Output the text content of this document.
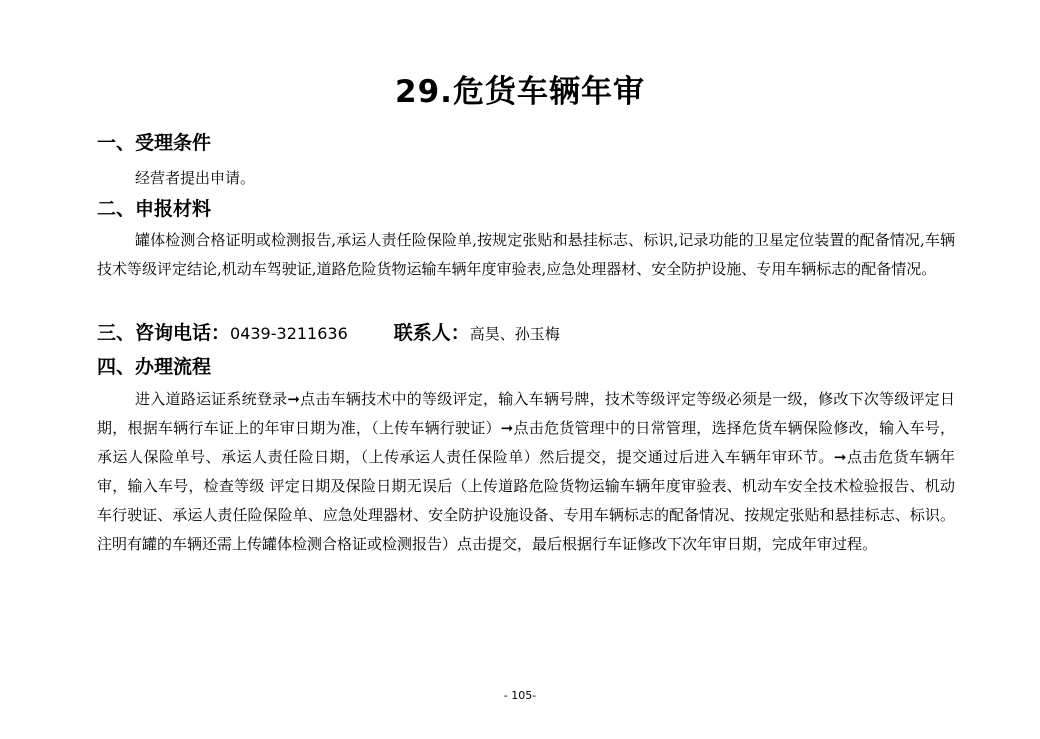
29.危货车辆年审
一、受理条件
经营者提出申请。
二、申报材料

罐体检测合格证明或检测报告,承运人责任险保险单,按规定张贴和悬挂标志、标识,记录功能的卫星定位装置的配备情况,车辆技术等级评定结论,机动车驾驶证,道路危险货物运输车辆年度审验表,应急处理器材、安全防护设施、专用车辆标志的配备情况。

三、咨询电话：0439-3211636 联系人：高昊、孙玉梅
四、办理流程

进入道路运证系统登录➞点击车辆技术中的等级评定，输入车辆号牌，技术等级评定等级必须是一级，修改下次等级评定日期，根据车辆行车证上的年审日期为准，（上传车辆行驶证）➞点击危货管理中的日常管理，选择危货车辆保险修改，输入车号，承运人保险单号、承运人责任险日期，（上传承运人责任保险单）然后提交，提交通过后进入车辆年审环节。➞点击危货车辆年审，输入车号，检查等级 评定日期及保险日期无误后（上传道路危险货物运输车辆年度审验表、机动车安全技术检验报告、机动车行驶证、承运人责任险保险单、应急处理器材、安全防护设施设备、专用车辆标志的配备情况、按规定张贴和悬挂标志、标识。注明有罐的车辆还需上传罐体检测合格证或检测报告）点击提交，最后根据行车证修改下次年审日期，完成年审过程。

- 105-
